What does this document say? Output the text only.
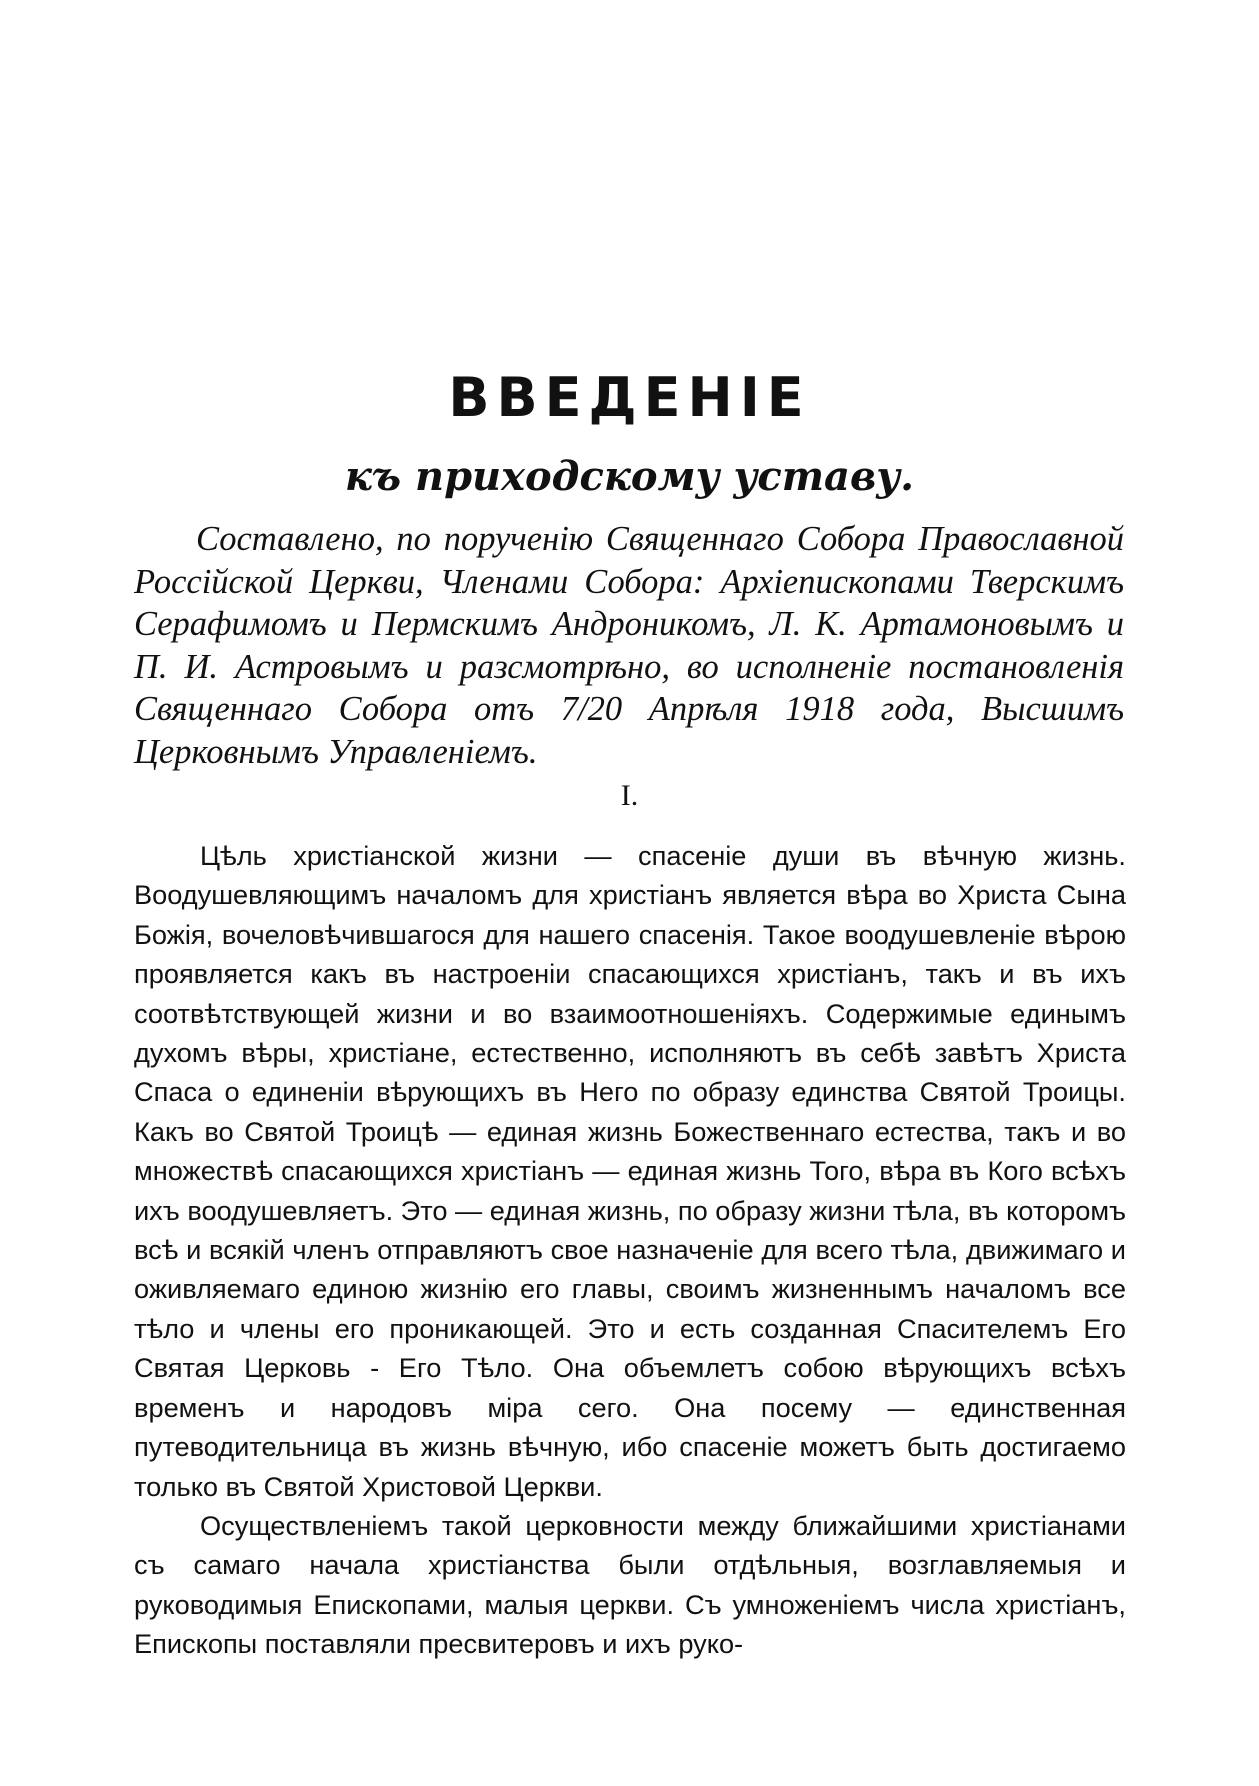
ВВЕДЕНІЕ
къ приходскому уставу.

Составлено, по порученію Священнаго Собора Православной Россійской Церкви, Членами Собора: Архіепископами Тверскимъ Серафимомъ и Пермскимъ Андроникомъ, Л. К. Артамоновымъ и П. И. Астровымъ и разсмотрѣно, во исполненіе постановленія Священнаго Собора отъ 7/20 Апрѣля 1918 года, Высшимъ Церковнымъ Управленіемъ.

I.

Цѣль христіанской жизни — спасеніе души въ вѣчную жизнь. Воодушевляющимъ началомъ для христіанъ является вѣра во Христа Сына Божія, вочеловѣчившагося для нашего спасенія. Такое воодушевленіе вѣрою проявляется какъ въ настроеніи спасающихся христіанъ, такъ и въ ихъ соотвѣтствующей жизни и во взаимоотношеніяхъ. Содержимые единымъ духомъ вѣры, христіане, естественно, исполняютъ въ себѣ завѣтъ Христа Спаса о единеніи вѣрующихъ въ Него по образу единства Святой Троицы. Какъ во Святой Троицѣ — единая жизнь Божественнаго естества, такъ и во множествѣ спасающихся христіанъ — единая жизнь Того, вѣра въ Кого всѣхъ ихъ воодушевляетъ. Это — единая жизнь, по образу жизни тѣла, въ которомъ всѣ и всякій членъ отправляютъ свое назначеніе для всего тѣла, движимаго и оживляемаго единою жизнію его главы, своимъ жизненнымъ началомъ все тѣло и члены его проникающей. Это и есть созданная Спасителемъ Его Святая Церковь - Его Тѣло. Она объемлетъ собою вѣрующихъ всѣхъ временъ и народовъ міра сего. Она посему — единственная путеводительница въ жизнь вѣчную, ибо спасеніе можетъ быть достигаемо только въ Святой Христовой Церкви.

Осуществленіемъ такой церковности между ближайшими христіанами съ самаго начала христіанства были отдѣльныя, возглавляемыя и руководимыя Епископами, малыя церкви. Съ умноженіемъ числа христіанъ, Епископы поставляли пресвитеровъ и ихъ руко-
